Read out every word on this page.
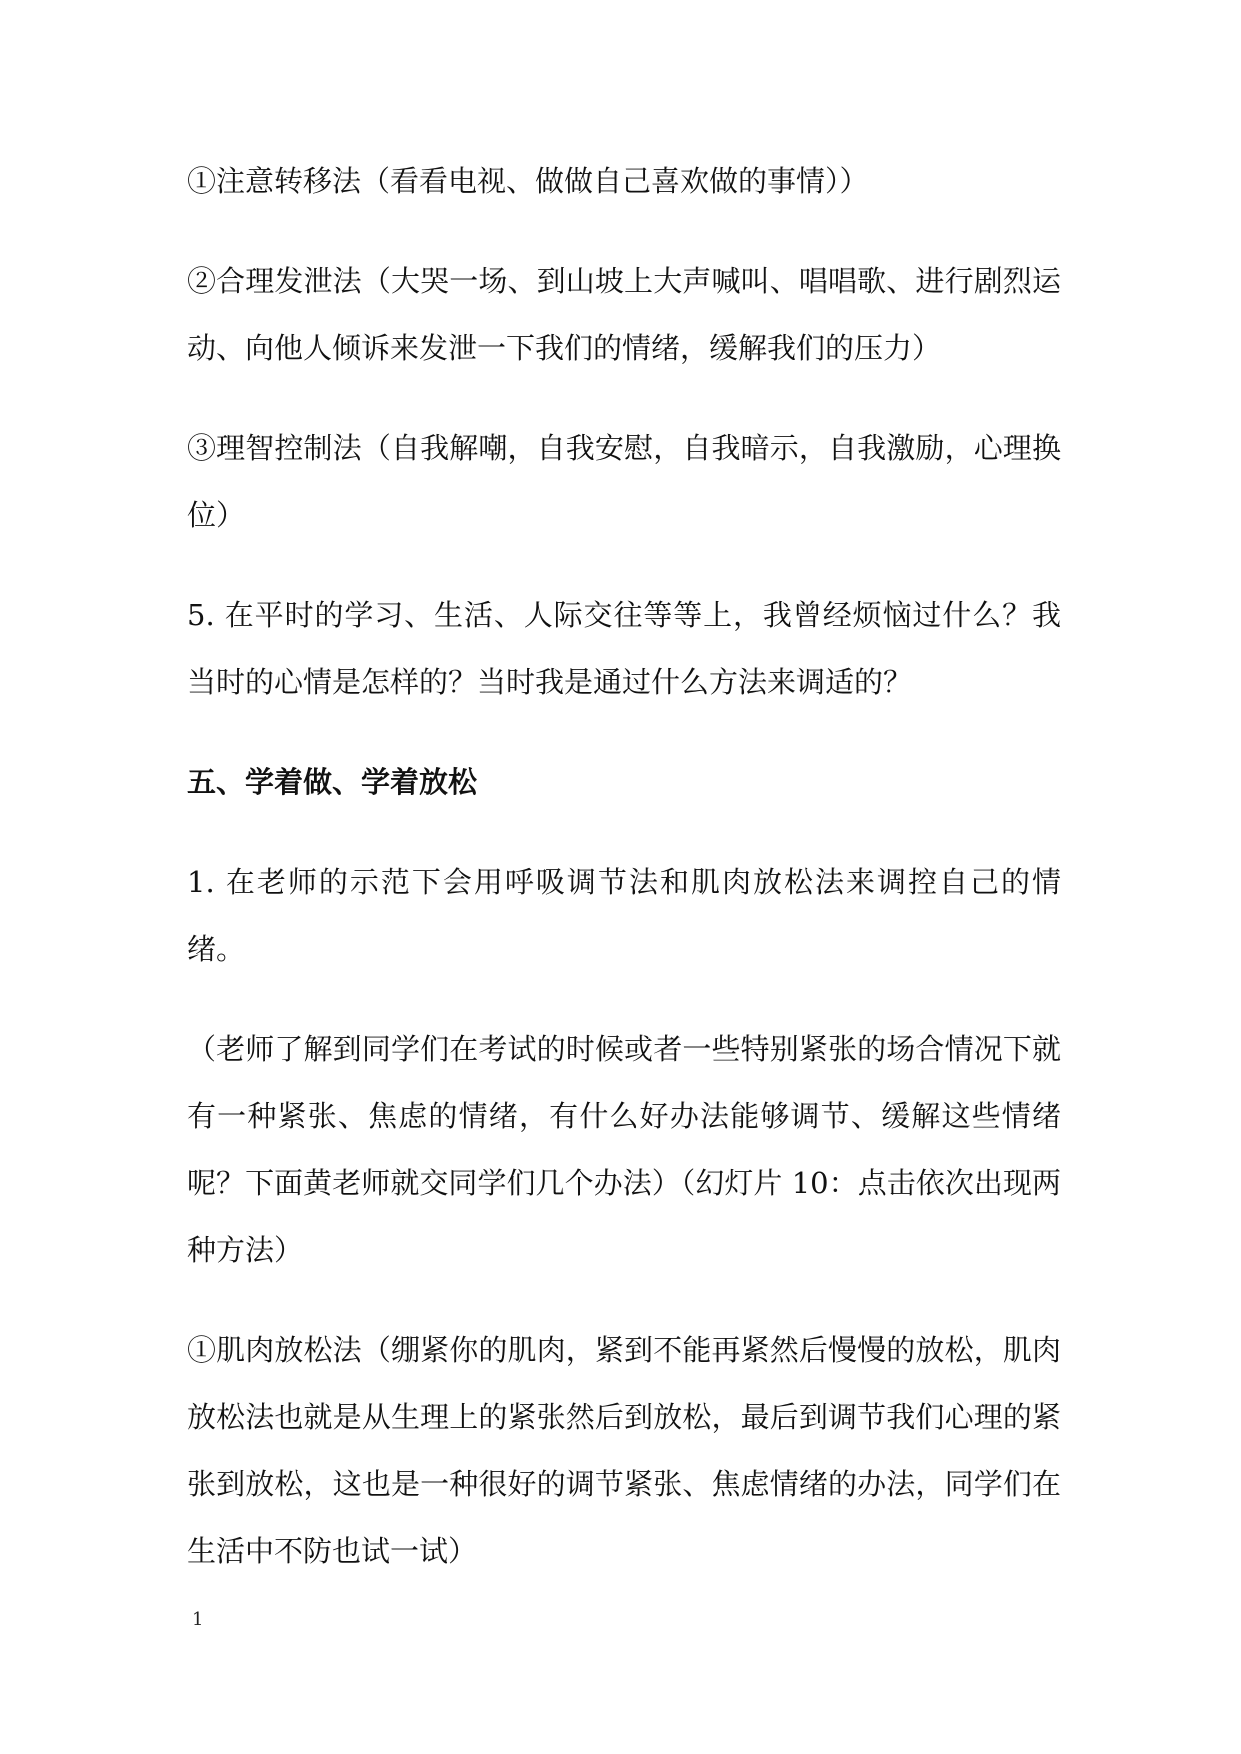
①注意转移法（看看电视、做做自己喜欢做的事情））

②合理发泄法（大哭一场、到山坡上大声喊叫、唱唱歌、进行剧烈运动、向他人倾诉来发泄一下我们的情绪，缓解我们的压力）

③理智控制法（自我解嘲，自我安慰，自我暗示，自我激励，心理换位）

5. 在平时的学习、生活、人际交往等等上，我曾经烦恼过什么？我当时的心情是怎样的？当时我是通过什么方法来调适的？

五、学着做、学着放松

1. 在老师的示范下会用呼吸调节法和肌肉放松法来调控自己的情绪。

（老师了解到同学们在考试的时候或者一些特别紧张的场合情况下就有一种紧张、焦虑的情绪，有什么好办法能够调节、缓解这些情绪呢？下面黄老师就交同学们几个办法）（幻灯片 10：点击依次出现两种方法）

①肌肉放松法（绷紧你的肌肉，紧到不能再紧然后慢慢的放松，肌肉放松法也就是从生理上的紧张然后到放松，最后到调节我们心理的紧张到放松，这也是一种很好的调节紧张、焦虑情绪的办法，同学们在生活中不防也试一试）

1
